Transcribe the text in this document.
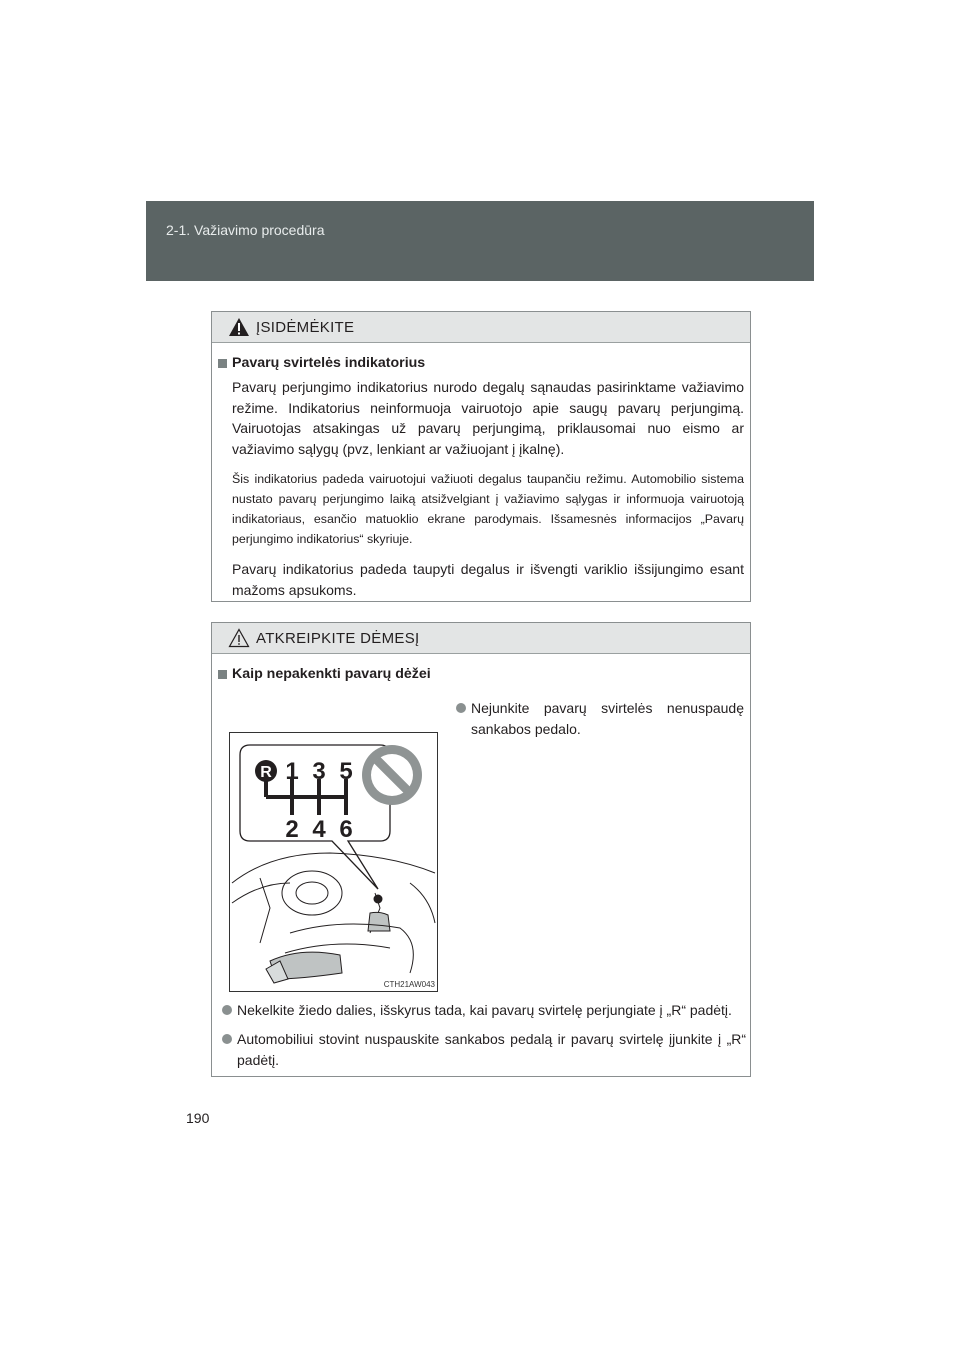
2-1. Važiavimo procedūra
ĮSIDĖMĖKITE
Pavarų svirtelės indikatorius

Pavarų perjungimo indikatorius nurodo degalų sąnaudas pasirinktame važiavimo režime. Indikatorius neinformuoja vairuotojo apie saugų pavarų perjungimą. Vairuotojas atsakingas už pavarų perjungimą, priklausomai nuo eismo ar važiavimo sąlygų (pvz, lenkiant ar važiuojant į įkalnę).

Šis indikatorius padeda vairuotojui važiuoti degalus taupančiu režimu. Automobilio sistema nustato pavarų perjungimo laiką atsižvelgiant į važiavimo sąlygas ir informuoja vairuotoją indikatoriaus, esančio matuoklio ekrane parodymais. Išsamesnės informacijos „Pavarų perjungimo indikatorius“ skyriuje.

Pavarų indikatorius padeda taupyti degalus ir išvengti variklio išsijungimo esant mažoms apsukoms.

ATKREIPKITE DĖMESĮ
Kaip nepakenkti pavarų dėžei
Nejunkite pavarų svirtelės nenuspaudę sankabos pedalo.
R 1 3 5
2 4 6
CTH21AW043
Nekelkite žiedo dalies, išskyrus tada, kai pavarų svirtelę perjungiate į „R“ padėtį.
Automobiliui stovint nuspauskite sankabos pedalą ir pavarų svirtelę įjunkite į „R“ padėtį.
190
